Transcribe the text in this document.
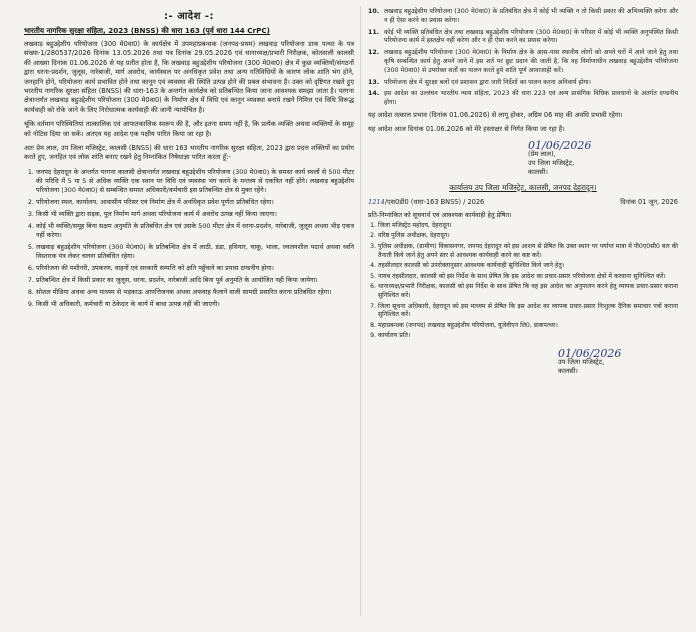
:- आदेश -:
भारतीय नागरिक सुरक्षा संहिता, 2023 (BNSS) की धारा 163 (पूर्व धारा 144 CrPC)

लखवाड़ बहुउद्देशीय परियोजना (300 मे0वा0) के कार्यक्षेत्र में उपमहाप्रबन्धक (जनपद-प्रथम) लखवाड़ परियोजना डाक पत्थर के पत्र संख्या-1/280537/2026 दिनांक 13.05.2026 तथा पत्र दिनांक 29.05.2026 एवं थानाध्यक्ष/प्रभारी निरीक्षक, कोतवाली कालसी की आख्या दिनांक 01.06.2026 से यह प्रतीत होता है, कि लखवाड़ बहुउद्देशीय परियोजना (300 मे0वा0) क्षेत्र में कुछ व्यक्तियों/संगठनों द्वारा धरना-प्रदर्शन, जुलूस, नारेबाजी, मार्ग अवरोध, कार्यस्थल पर अनधिकृत प्रवेश तथा अन्य गतिविधियों के कारण लोक शांति भंग होने, जनहानि होने, परियोजना कार्य प्रभावित होने तथा कानून एवं व्यवस्था की स्थिति उत्पन्न होने की प्रबल संभावना है। उक्त को दृष्टिगत रखते हुए भारतीय नागरिक सुरक्षा संहिता (BNSS) की धारा-163 के अन्तर्गत कार्यक्षेत्र को प्रतिबन्धित किया जाना आवश्यक समझा जाता है। परगना क्षेत्रान्तर्गत लखवाड़ बहुउद्देशीय परियोजना (300 मे0वा0) के निर्माण क्षेत्र में विधि एवं कानून व्यवस्था बनाये रखने निमित्त एवं विधि विरूद्ध कार्यवाही को रोके जाने के लिए निरोधात्मक कार्यवाही की जानी न्यायोचित है।

चूंकि वर्तमान परिस्थितियां तात्कालिक एवं आपातकालिक स्वरूप की है, और इतना समय नहीं है, कि प्रत्येक व्यक्ति अथवा व्यक्तियों के समूह को नोटिस दिया जा सकें। अतएव यह आदेश एक पक्षीय पारित किया जा रहा है।

अतः प्रेम लाल, उप जिला मजिस्ट्रेट, कालसी (BNSS) की धारा 163 भारतीय नागरिक सुरक्षा संहिता, 2023 द्वारा प्रदत्त शक्तियों का प्रयोग करते हुए, जनहित एवं लोक शांति बनाए रखने हेतु निम्नांकित निषेधाज्ञा पारित करता हूँ:-

1. जनपद देहरादून के अन्तर्गत परगना कालसी क्षेत्रान्तर्गत लखवाड़ बहुउद्देशीय परियोजना (300 मे0वा0) के समस्त कार्य स्थलों से 500 मीटर की परिधि में 5 या 5 से अधिक व्यक्ति एक स्थान पर विधि एवं व्यवस्था भंग करने के मन्तव्य से एकत्रित नहीं होंगे। लखवाड़ बहुउद्देशीय परियोजना (300 मे0वा0) से सम्बन्धित समस्त अधिकारी/कर्मचारी इस प्रतिबन्धित क्षेत्र से मुक्त रहेंगे।
2. परियोजना स्थल, कार्यालय, आवासीय परिसर एवं निर्माण क्षेत्र में अनधिकृत प्रवेश पूर्णतः प्रतिबंधित रहेगा।
3. किसी भी व्यक्ति द्वारा सड़क, पुल निर्माण मार्ग अथवा परियोजना कार्य में अवरोध उत्पन्न नहीं किया जाएगा।
4. कोई भी व्यक्ति/समूह बिना सक्षम अनुमति के प्रतिबंधित क्षेत्र एवं उसके 500 मीटर क्षेत्र में धरना-प्रदर्शन, नारेबाजी, जुलूस अथवा भीड़ एकत्र नहीं करेगा।
5. लखवाड़ बहुउद्देशीय परियोजना (300 मे0वा0) के प्रतिबन्धित क्षेत्र में लाठी, डंडा, हथियार, चाकू, भाला, ज्वलनशील पदार्थ अथवा ध्वनि विस्तारक यंत्र लेकर चलना प्रतिबंधित रहेगा।
6. परियोजना की मशीनरी, उपकरण, वाहनों एवं सरकारी सम्पत्ति को क्षति पहुँचाने का प्रयास दण्डनीय होगा।
7. प्रतिबन्धित क्षेत्र में किसी प्रकार का जुलूस, धरना, प्रदर्शन, नारेबाजी आदि बिना पूर्व अनुमति के आयोजित नहीं किया जायेगा।
8. सोशल मीडिया अथवा अन्य माध्यम से भड़काऊ आपत्तिजनक अथवा अफवाह फैलाने वाली सामग्री प्रसारित करना प्रतिबंधित रहेगा।
9. किसी भी अधिकारी, कर्मचारी या ठेकेदार के कार्य में बाधा उत्पन्न नहीं की जाएगी।
10. लखवाड़ बहुउद्देशीय परियोजना (300 मे0वा0) के प्रतिबंधित क्षेत्र में कोई भी व्यक्ति न तो किसी प्रकार की अभिव्यक्ति करेगा और न ही ऐसा करने का प्रयास करेगा।
11. कोई भी व्यक्ति प्रतिबंधित क्षेत्र तथा लखवाड़ बहुउद्देशीय परियोजना (300 मे0वा0) के परिसर में कोई भी व्यक्ति अनुपस्थित किसी परियोजना कार्य में हस्तक्षेप नहीं करेगा और न ही ऐसा करने का प्रयास करेगा।
12. लखवाड़ बहुउद्देशीय परियोजना (300 मे0वा0) के निर्माण क्षेत्र के आस-पास स्थानीय लोगों को अपने घरों में आने जाने हेतु तथा कृषि सम्बन्धित कार्य हेतु अपने जाने में इस शर्त पर छूट प्रदान की जाती है, कि वह निर्माणाधीन लखवाड़ बहुउद्देशीय परियोजना (300 मे0वा0) से उपरोक्त शर्तों का पालन करते हुये शांति पूर्ण आवाजाही करें।
13. परियोजना क्षेत्र में सुरक्षा बलों एवं प्रशासन द्वारा जारी निर्देशों का पालन करना अनिवार्य होगा।
14. इस आदेश का उल्लंघन भारतीय न्याय संहिता, 2023 की धारा 223 एवं अन्य प्रासंगिक विधिक प्रावधानों के अंतर्गत दण्डनीय होगा।

यह आदेश तत्काल प्रभाव (दिनांक 01.06.2026) से लागू होकर, अग्रिम 06 माह की अवधि प्रभावी रहेगा।

यह आदेश आज दिनांक 01.06.2026 को मेरे हस्ताक्षर से निर्गत किया जा रहा है।

01/06/2026
(प्रेम लाल),
उप जिला मजिस्ट्रेट,
कालसी।
कार्यालय उप जिला मजिस्ट्रेट, कालसी, जनपद देहरादून।
1214/एस0डी0 (धारा-163 BNSS) / 2026	दिनांक 01 जून, 2026
प्रति-निम्नांकित को सूचनार्थ एवं आवश्यक कार्यवाही हेतु प्रेषित।
1. जिला मजिस्ट्रेट महोदय, देहरादून।
2. वरिष्ठ पुलिस अधीक्षक, देहरादून।
3. पुलिस अधीक्षक, (ग्रामीण) विकासनगर, जनपद देहरादून को इस आशय से प्रेषित कि उक्त स्थान पर पर्याप्त मात्रा में पी0ए0सी0 बल की तैनाती किये जाने हेतु अपने स्तर से आवश्यक कार्यवाही करने का कष्ट करें।
4. तहसीलदार कालसी को उपरोक्तानुसार आवश्यक कार्यवाही सुनिश्चित किये जाने हेतु।
5. नायब तहसीलदार, कालसी को इस निर्देश के साथ प्रेषित कि इस आदेश का प्रचार-प्रसार परियोजना क्षेत्रों में करवाना सुनिश्चित करें।
6. थानाध्यक्ष/प्रभारी निरीक्षक, कालसी को इस निर्देश के साथ प्रेषित कि वह इस आदेश का अनुपालन करने हेतु व्यापक प्रचार-प्रसार कराना सुनिश्चित करें।
7. जिला सूचना अधिकारी, देहरादून को इस माध्यम से प्रेषित कि इस आदेश का व्यापक प्रचार-प्रसार निःशुल्क दैनिक समाचार पत्रों कराना सुनिश्चित करें।
8. महाप्रबन्धक (जनपद) लखवाड़ बहुउद्देशीय परियोजना, यूजेवीएन लि0, डाकपत्थर।
9. कार्यालय प्रति।
01/06/2026
उप जिला मजिस्ट्रेट,
कालसी।
